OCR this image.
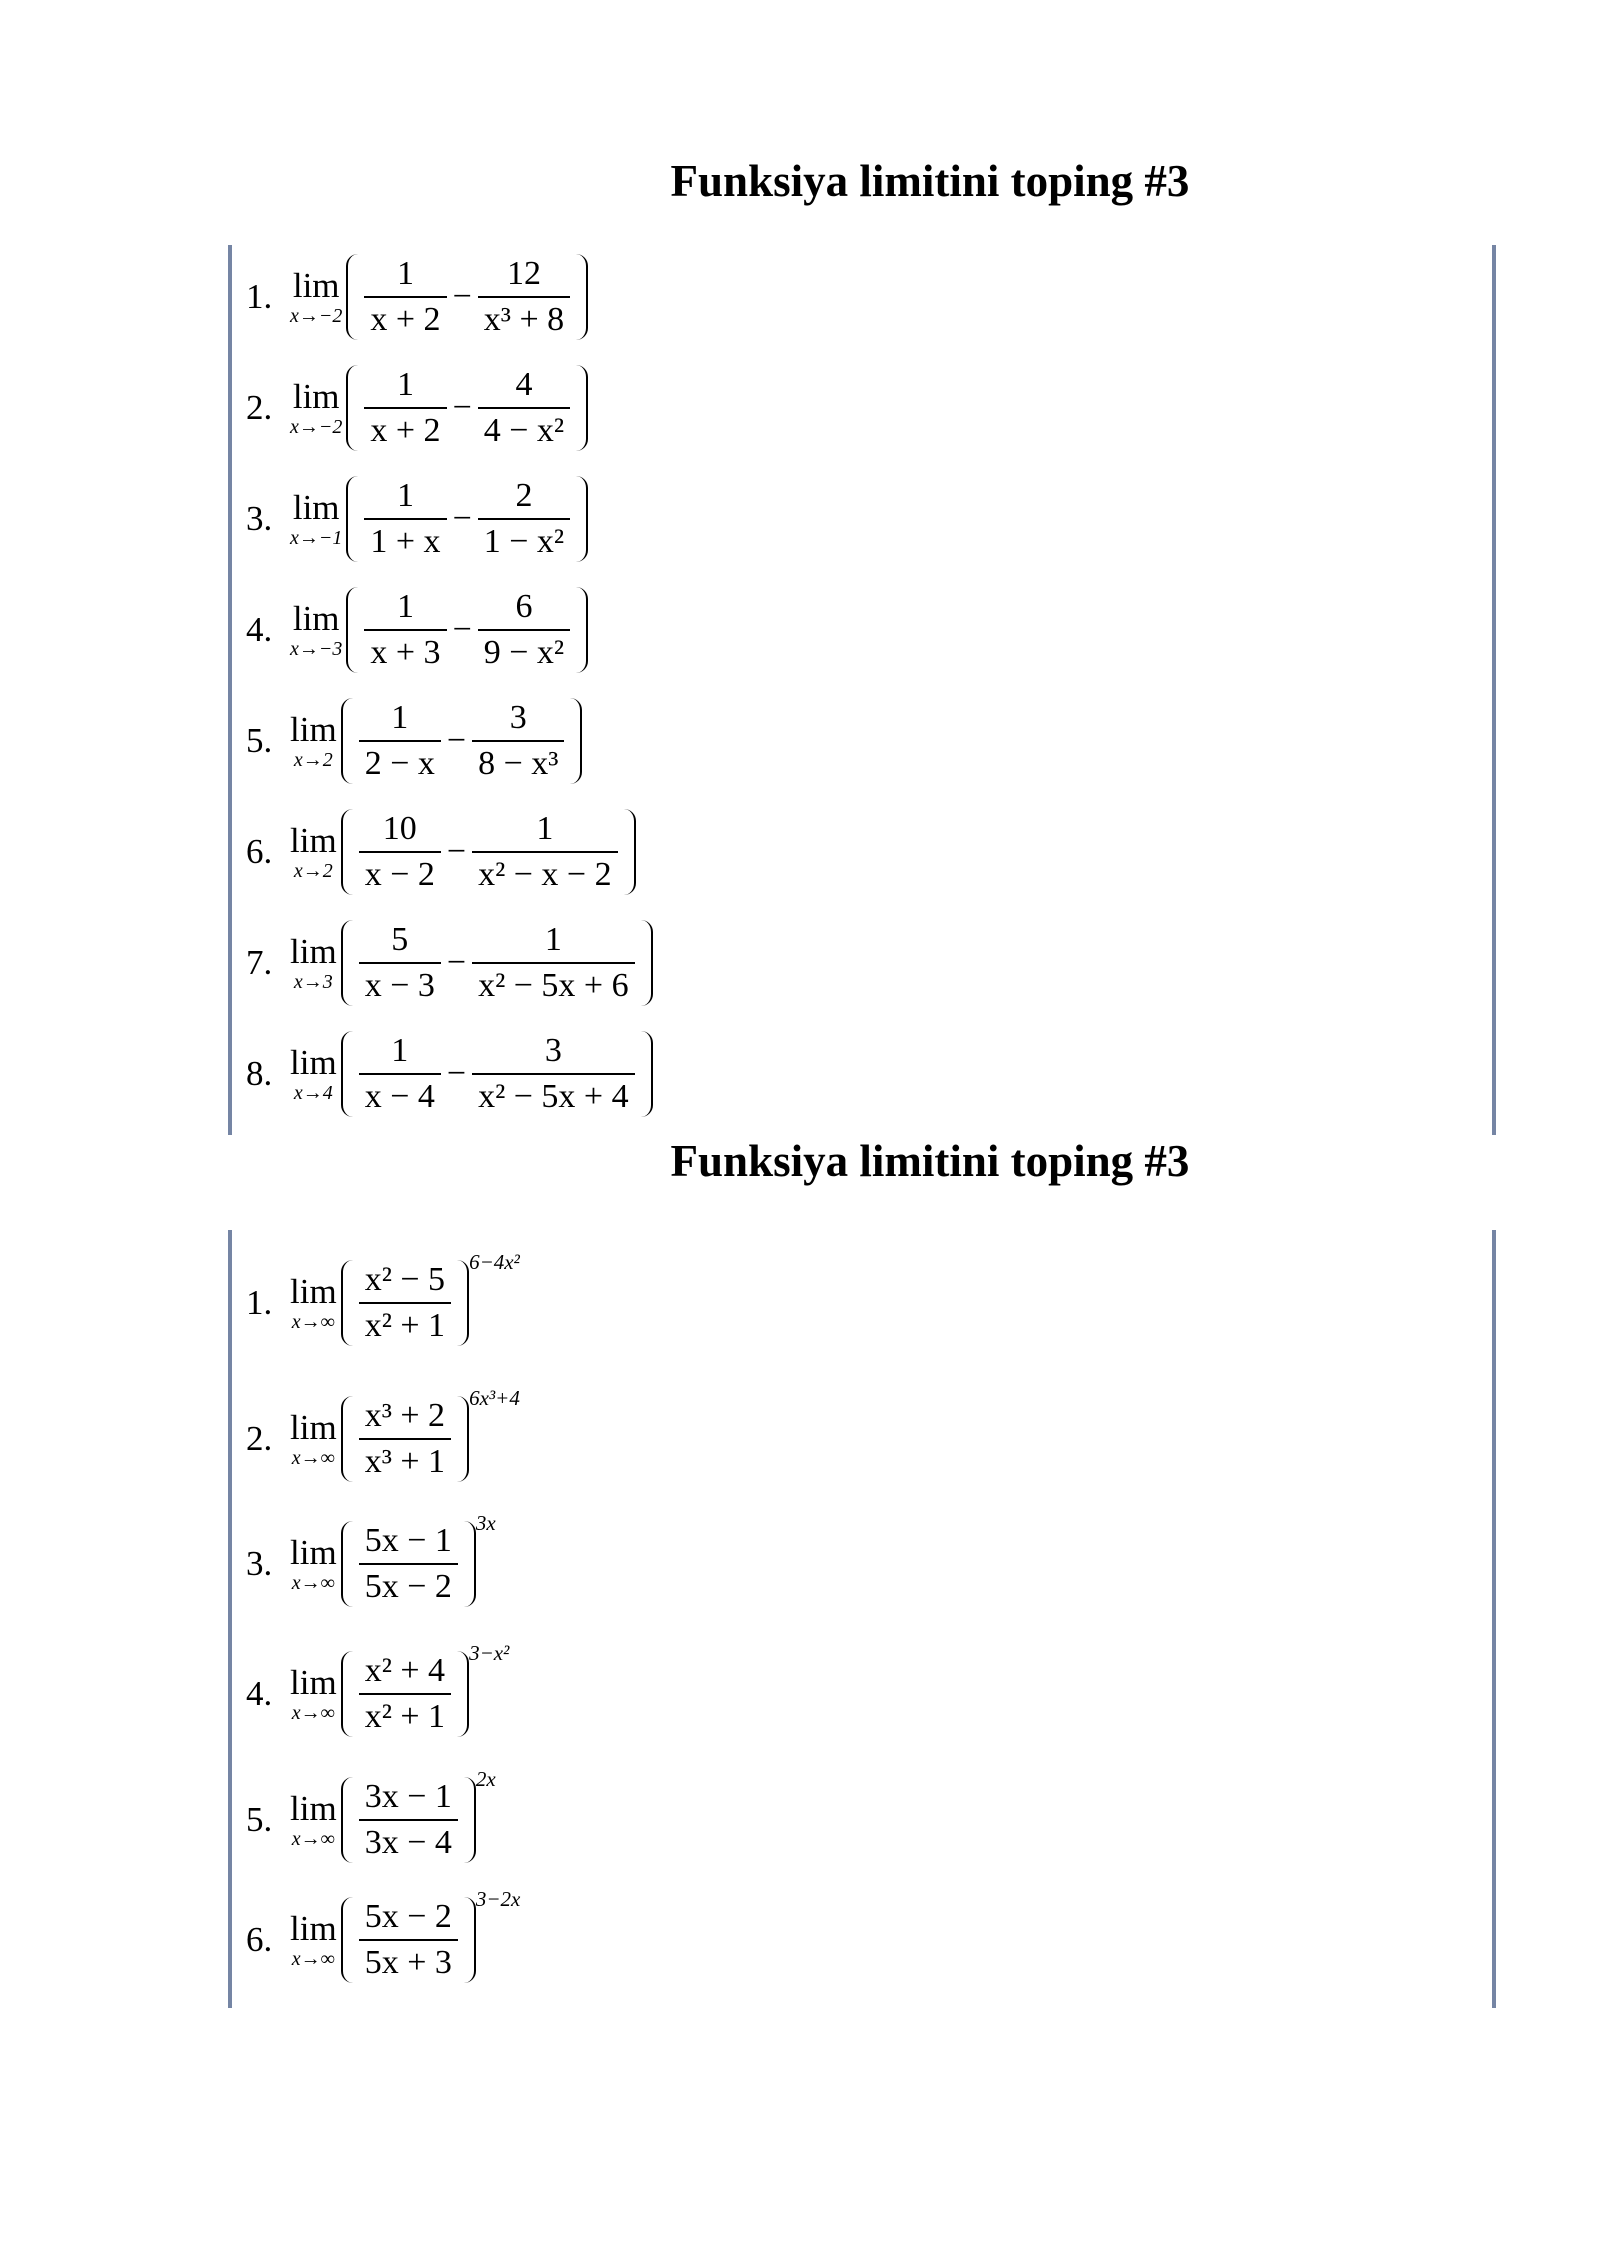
Funksiya limitini toping #3
1. lim
$x\to-2 \frac{1}{x + 2} - \frac{12}{\text{x³ + 8}}$
2. lim
$x\to-2 \frac{1}{x + 2} - \frac{4}{\text{4 − x²}}$
3. lim
$x\to-1 \frac{1}{1 + x} - \frac{2}{\text{1 − x²}}$
4. lim
$x\to-3 \frac{1}{x + 3} - \frac{6}{\text{9 − x²}}$
5. lim
$x\to 2 \frac{1}{2 - x} - \frac{3}{\text{8 − x³}}$
6. lim
$x\to 2 \frac{10}{x - 2} - \frac{1}{\text{x² − x − 2}}$
7. lim
$x\to 3 \frac{5}{x - 3} - \frac{1}{\text{x² − 5x + 6}}$
8. lim
$x\to 4 \frac{1}{x - 4} - \frac{3}{\text{x² − 5x + 4}}$
Funksiya limitini toping #3
1. lim
$x\to\infty \frac{\text{x² − 5}}{\text{x² + 1}} 6-4x^2$
2. lim
$x\to\infty \frac{\text{x³ + 2}}{\text{x³ + 1}} 6x^3+4$
3. lim
$x\to\infty \frac{5x - 1}{5x - 2} 3x$
4. lim
$x\to\infty \frac{\text{x² + 4}}{\text{x² + 1}} 3-x^2$
5. lim
$x\to\infty \frac{3x - 1}{3x - 4} 2x$
6. lim
$x\to\infty \frac{5x - 2}{5x + 3} 3-2x$
